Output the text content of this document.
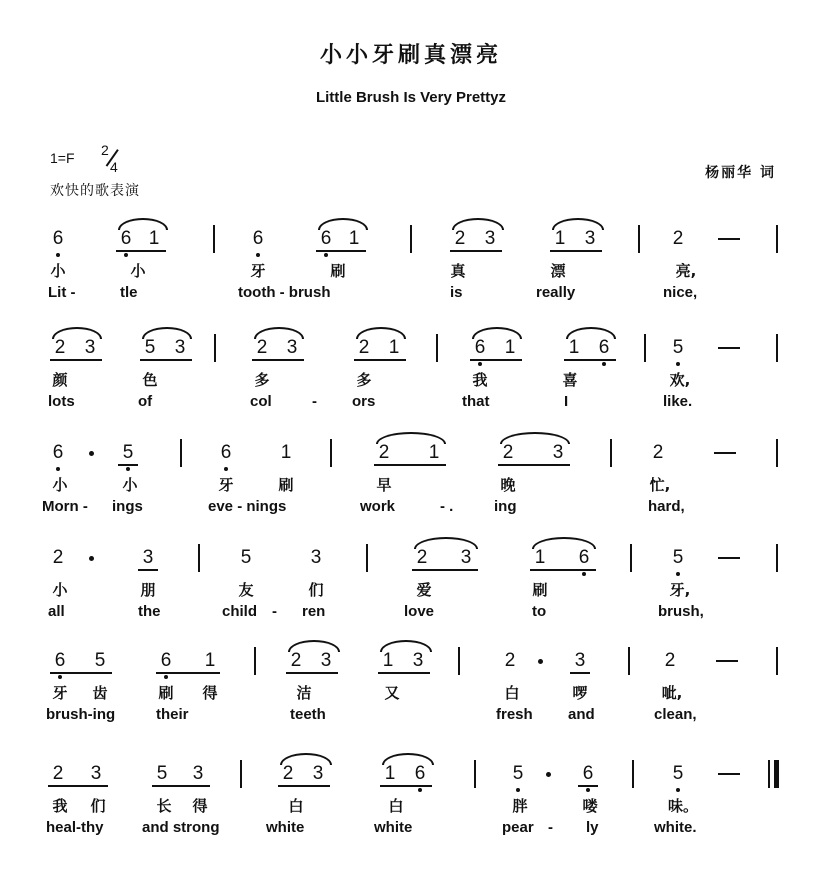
小小牙刷真漂亮
Little Brush Is Very Prettyz
1=F 2
4
欢快的歌表演
杨丽华 词
6	6 1	6	6 1	2 3	1 3	2
小	小	牙	刷	真	漂	亮,
Lit -	tle	tooth - brush	is	really	nice,
2 3	5 3	2 3	2 1	6 1	1 6	5
颜	色	多	多	我	喜	欢,
lots	of	col	- ors	that	I	like.
6	5	6	1	2 1	2 3	2
小	小	牙	刷	早	晚	忙,
Morn - ings	eve - nings	work	- .	ing	hard,
2	3	5	3	2 3	1 6	5
小	朋	友	们	爱	刷	牙,
all	the	child - ren	love	to	brush,
6 5	6 1	2 3	1 3	2	3	2
牙	齿	刷	得	洁	又	白	啰	呲,
brush-ing	their	teeth	fresh and	clean,
2 3	5 3	2 3	1 6	5	6	5
我	们	长	得	白	白	胖	喽	味。
heal-thy	and strong	white	white	pear - ly	white.
